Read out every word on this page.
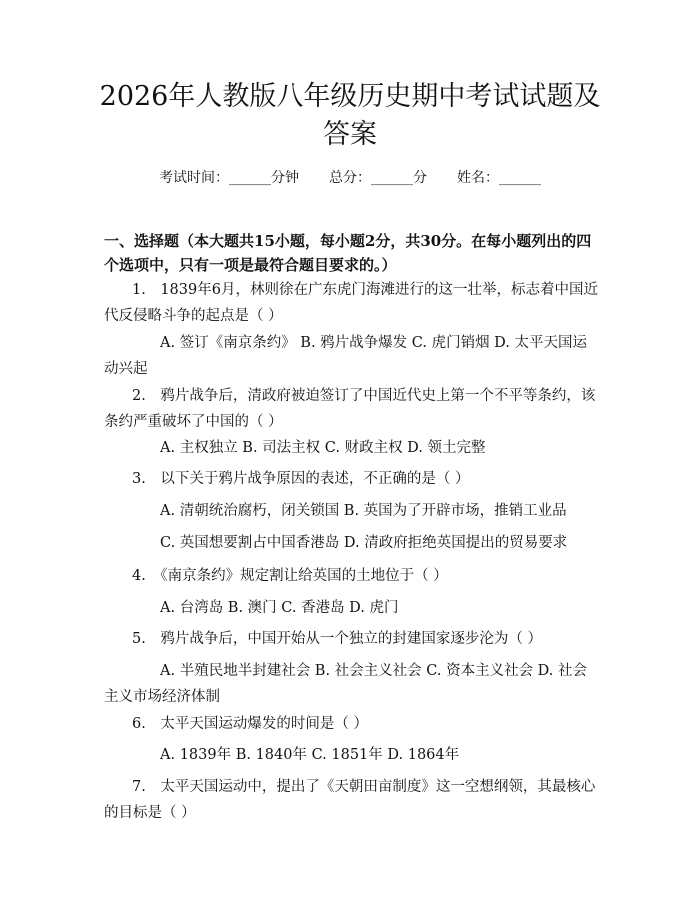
2026年人教版八年级历史期中考试试题及答案
考试时间：______分钟 总分：______分 姓名：______
一、选择题（本大题共15小题，每小题2分，共30分。在每小题列出的四个选项中，只有一项是最符合题目要求的。）
1.　1839年6月，林则徐在广东虎门海滩进行的这一壮举，标志着中国近代反侵略斗争的起点是（ ）
A. 签订《南京条约》 B. 鸦片战争爆发 C. 虎门销烟 D. 太平天国运动兴起
2.　鸦片战争后，清政府被迫签订了中国近代史上第一个不平等条约，该条约严重破坏了中国的（ ）
A. 主权独立 B. 司法主权 C. 财政主权 D. 领土完整
3.　以下关于鸦片战争原因的表述，不正确的是（ ）
A. 清朝统治腐朽，闭关锁国 B. 英国为了开辟市场，推销工业品
C. 英国想要割占中国香港岛 D. 清政府拒绝英国提出的贸易要求
4.　《南京条约》规定割让给英国的土地位于（ ）
A. 台湾岛 B. 澳门 C. 香港岛 D. 虎门
5.　鸦片战争后，中国开始从一个独立的封建国家逐步沦为（ ）
A. 半殖民地半封建社会 B. 社会主义社会 C. 资本主义社会 D. 社会主义市场经济体制
6.　太平天国运动爆发的时间是（ ）
A. 1839年 B. 1840年 C. 1851年 D. 1864年
7.　太平天国运动中，提出了《天朝田亩制度》这一空想纲领，其最核心的目标是（ ）
